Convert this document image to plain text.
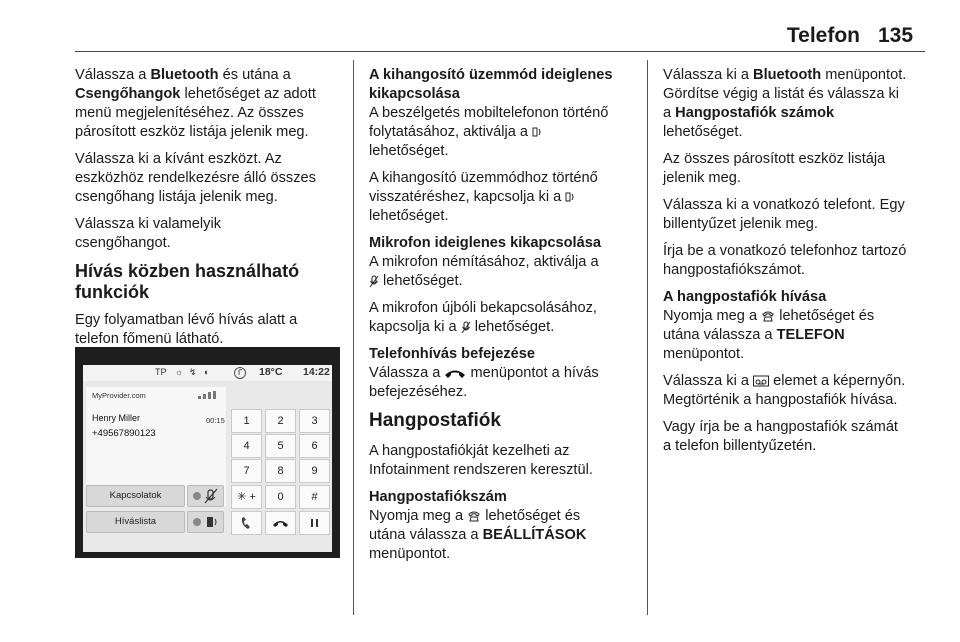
Telefon 135

Válassza a Bluetooth és utána a
Csengőhangok lehetőséget az adott
menü megjelenítéséhez. Az összes
párosított eszköz listája jelenik meg.

Válassza ki a kívánt eszközt. Az
eszközhöz rendelkezésre álló összes
csengőhang listája jelenik meg.

Válassza ki valamelyik
csengőhangot.

Hívás közben használható
funkciók

Egy folyamatban lévő hívás alatt a
telefon főmenü látható.

TP ☼ ↯ ◖	18°C 14:22
MyProvider.com
Henry Miller
+49567890123
00:15	1	2	3
4	5	6
7	8	9
✳ +	0	#
Kapcsolatok
Híváslista

A kihangosító üzemmód ideiglenes
kikapcsolása

A beszélgetés mobiltelefonon történő
folytatásához, aktiválja a
lehetőséget.

A kihangosító üzemmódhoz történő
visszatéréshez, kapcsolja ki a
lehetőséget.

Mikrofon ideiglenes kikapcsolása

A mikrofon némításához, aktiválja a
lehetőséget.

A mikrofon újbóli bekapcsolásához,
kapcsolja ki a  lehetőséget.

Telefonhívás befejezése

Válassza a  menüpontot a hívás
befejezéséhez.

Hangpostafiók

A hangpostafiókját kezelheti az
Infotainment rendszeren keresztül.

Hangpostafiókszám

Nyomja meg a  lehetőséget és
utána válassza a BEÁLLÍTÁSOK
menüpontot.

Válassza ki a Bluetooth menüpontot.
Gördítse végig a listát és válassza ki
a Hangpostafiók számok
lehetőséget.

Az összes párosított eszköz listája
jelenik meg.

Válassza ki a vonatkozó telefont. Egy
billentyűzet jelenik meg.

Írja be a vonatkozó telefonhoz tartozó
hangpostafiókszámot.

A hangpostafiók hívása

Nyomja meg a  lehetőséget és
utána válassza a TELEFON
menüpontot.

Válassza ki a  elemet a képernyőn.
Megtörténik a hangpostafiók hívása.

Vagy írja be a hangpostafiók számát
a telefon billentyűzetén.
